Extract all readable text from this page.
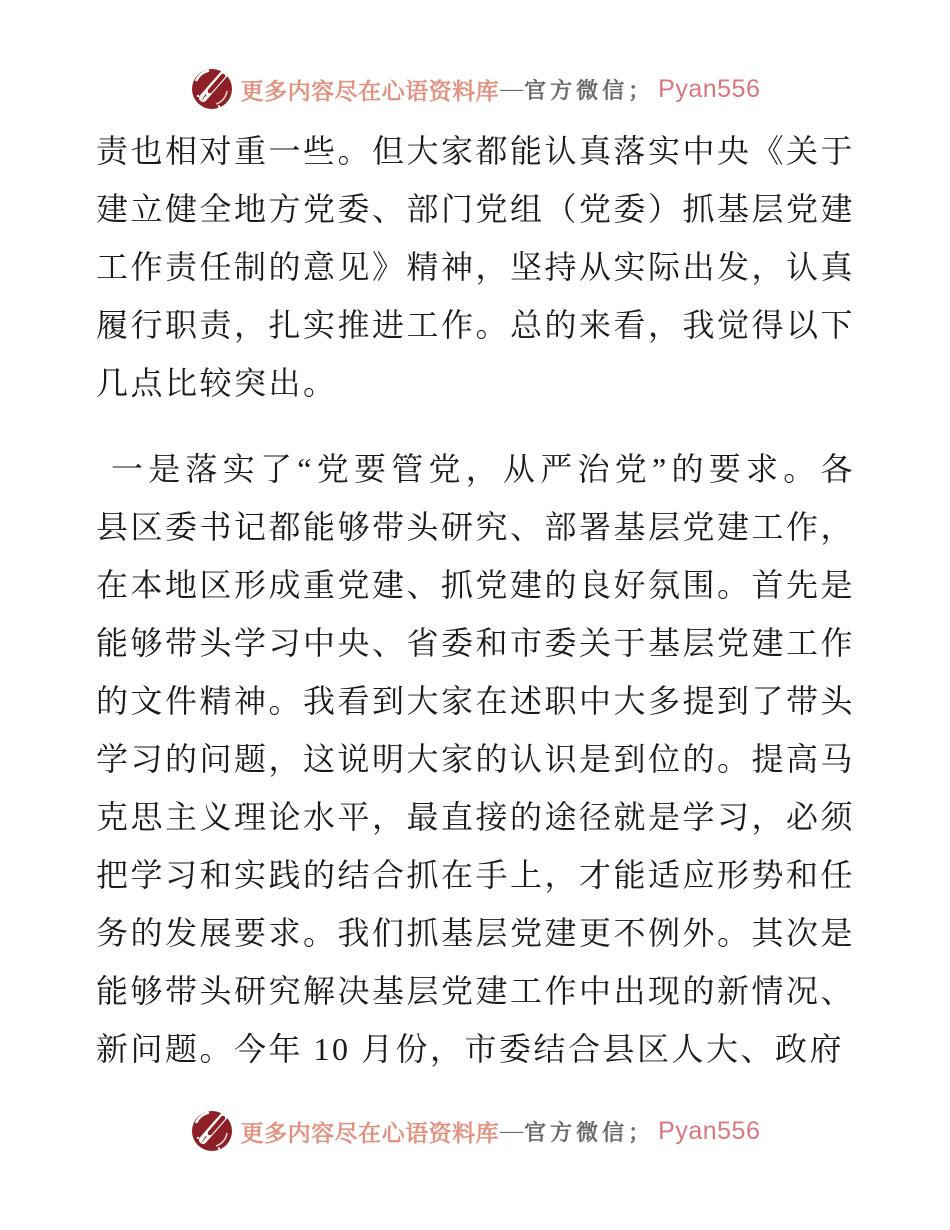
更多内容尽在心语资料库 — 官方微信； Pyan556
责也相对重一些。但大家都能认真落实中央《关于
建立健全地方党委、部门党组（党委）抓基层党建
工作责任制的意见》精神，坚持从实际出发，认真
履行职责，扎实推进工作。总的来看，我觉得以下
几点比较突出。
一是落实了“党要管党，从严治党”的要求。各
县区委书记都能够带头研究、部署基层党建工作，
在本地区形成重党建、抓党建的良好氛围。首先是
能够带头学习中央、省委和市委关于基层党建工作
的文件精神。我看到大家在述职中大多提到了带头
学习的问题，这说明大家的认识是到位的。提高马
克思主义理论水平，最直接的途径就是学习，必须
把学习和实践的结合抓在手上，才能适应形势和任
务的发展要求。我们抓基层党建更不例外。其次是
能够带头研究解决基层党建工作中出现的新情况、
新问题。今年 10 月份，市委结合县区人大、政府
更多内容尽在心语资料库 — 官方微信； Pyan556
